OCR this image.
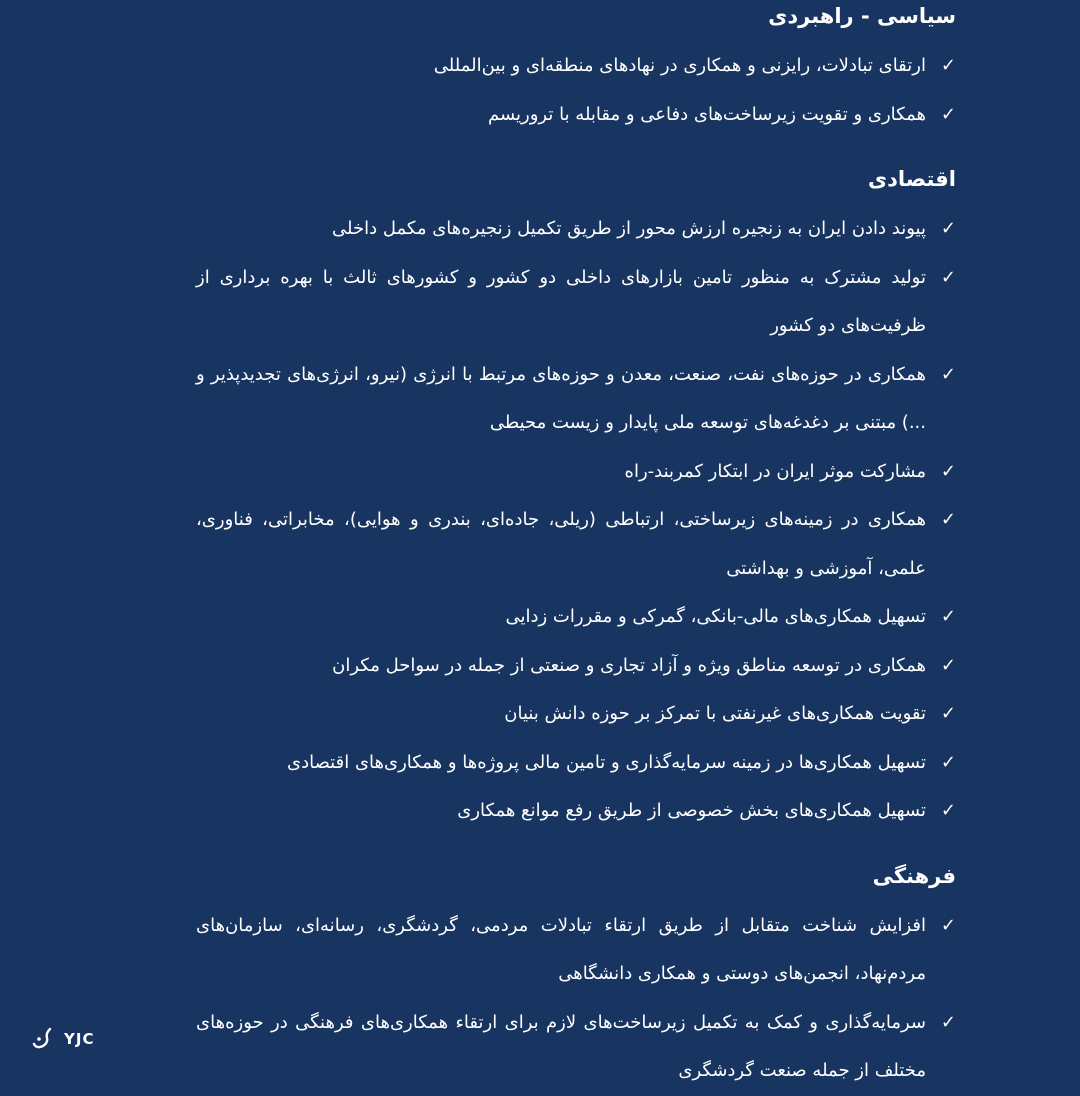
سیاسی - راهبردی
✓
ارتقای تبادلات، رایزنی و همکاری در نهادهای منطقه‌ای و بین‌المللی
✓
همکاری و تقویت زیرساخت‌های دفاعی و مقابله با تروریسم
اقتصادی
✓
پیوند دادن ایران به زنجیره ارزش محور از طریق تکمیل زنجیره‌های مکمل داخلی
✓
تولید مشترک به منظور تامین بازارهای داخلی دو کشور و کشورهای ثالث با بهره برداری از ظرفیت‌های دو کشور
✓
همکاری در حوزه‌های نفت، صنعت، معدن و حوزه‌های مرتبط با انرژی (نیرو، انرژی‌های تجدیدپذیر و ...) مبتنی بر دغدغه‌های توسعه ملی پایدار و زیست محیطی
✓
مشارکت موثر ایران در ابتکار کمربند-راه
✓
همکاری در زمینه‌های زیرساختی، ارتباطی (ریلی، جاده‌ای، بندری و هوایی)، مخابراتی، فناوری، علمی، آموزشی و بهداشتی
✓
تسهیل همکاری‌های مالی-بانکی، گمرکی و مقررات زدایی
✓
همکاری در توسعه مناطق ویژه و آزاد تجاری و صنعتی از جمله در سواحل مکران
✓
تقویت همکاری‌های غیرنفتی با تمرکز بر حوزه دانش بنیان
✓
تسهیل همکاری‌ها در زمینه سرمایه‌گذاری و تامین مالی پروژه‌ها و همکاری‌های اقتصادی
✓
تسهیل همکاری‌های بخش خصوصی از طریق رفع موانع همکاری
فرهنگی
✓
افزایش شناخت متقابل از طریق ارتقاء تبادلات مردمی، گردشگری، رسانه‌ای، سازمان‌های مردم‌نهاد، انجمن‌های دوستی و همکاری دانشگاهی
✓
سرمایه‌گذاری و کمک به تکمیل زیرساخت‌های لازم برای ارتقاء همکاری‌های فرهنگی در حوزه‌های مختلف از جمله صنعت گردشگری
YJC
